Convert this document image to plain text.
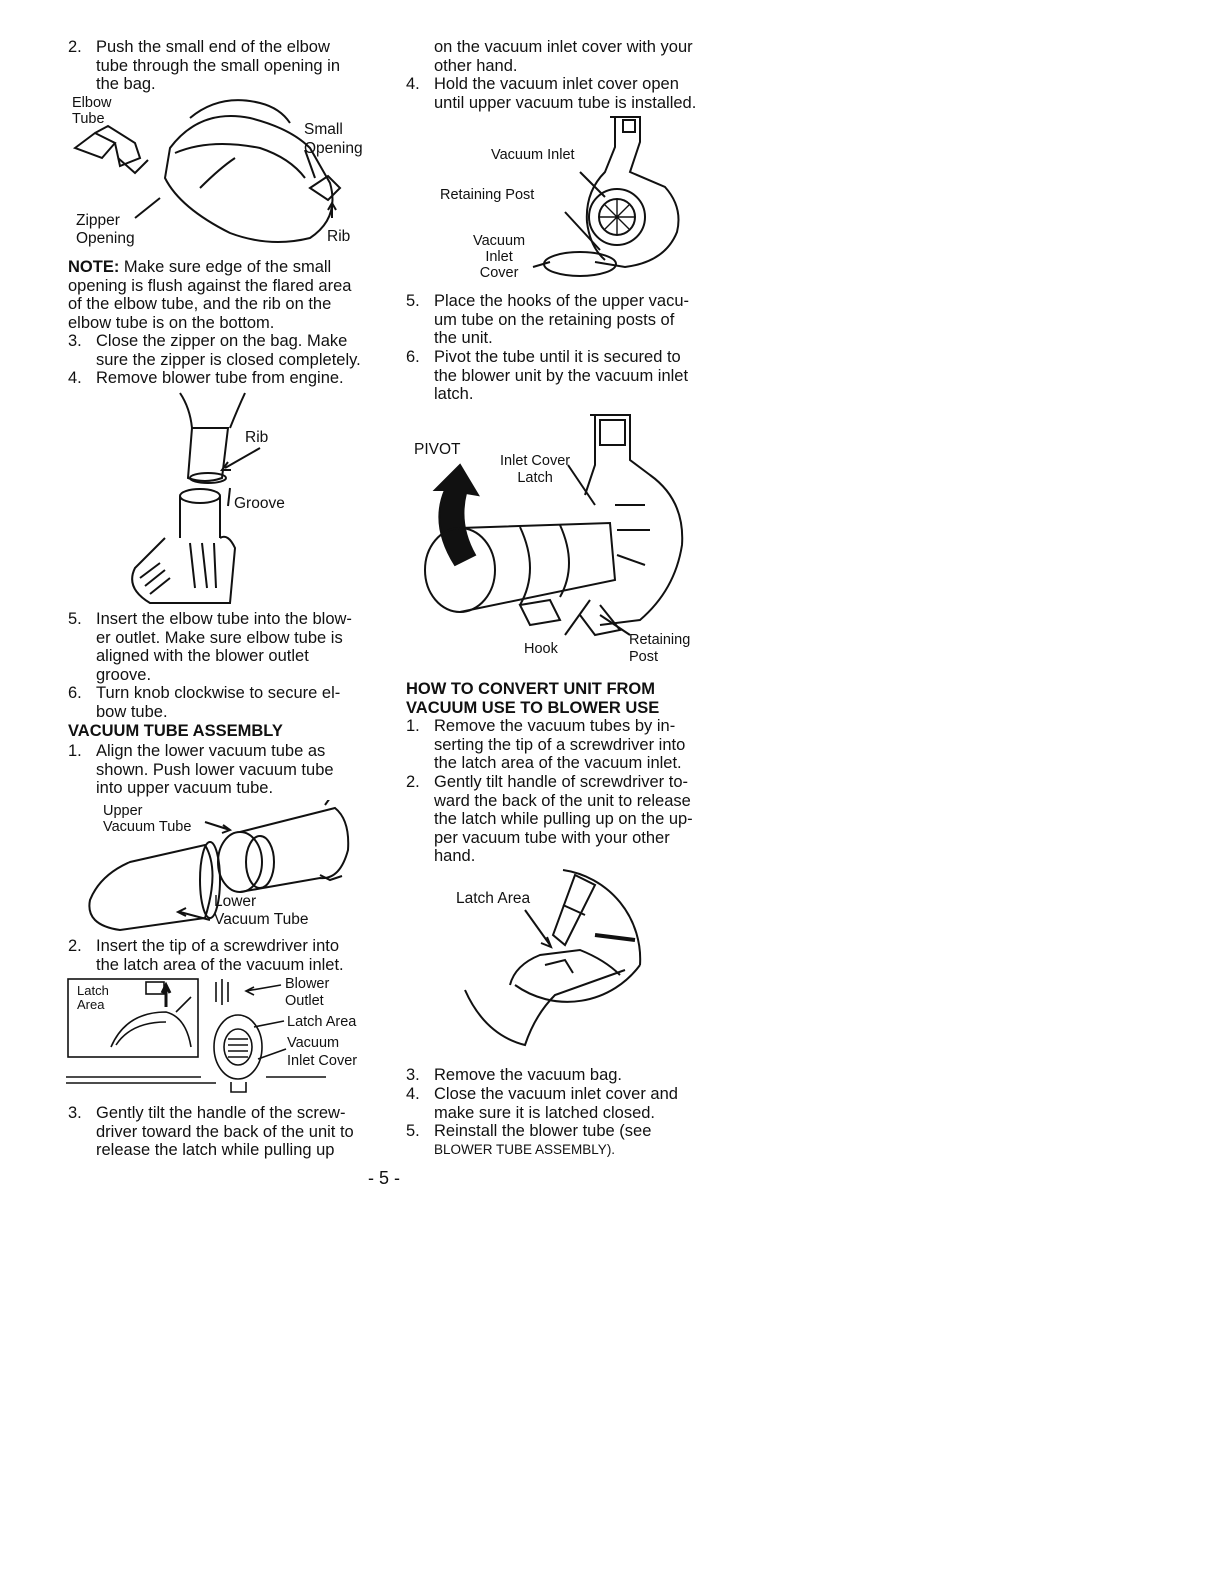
2. Push the small end of the elbow
tube through the small opening in
the bag.
Elbow
Tube
Small
Opening
Zipper
Opening	Rib
NOTE: Make sure edge of the small
opening is flush against the flared area
of the elbow tube, and the rib on the
elbow tube is on the bottom.
3. Close the zipper on the bag. Make
sure the zipper is closed completely.
4. Remove blower tube from engine.
Rib
Groove
5. Insert the elbow tube into the blow-
er outlet. Make sure elbow tube is
aligned with the blower outlet
groove.
6. Turn knob clockwise to secure el-
bow tube.
VACUUM TUBE ASSEMBLY
1. Align the lower vacuum tube as
shown. Push lower vacuum tube
into upper vacuum tube.
Upper
Vacuum Tube
Lower
Vacuum Tube
2. Insert the tip of a screwdriver into
the latch area of the vacuum inlet.
Latch
Area
Blower
Outlet
Latch Area
Vacuum
Inlet Cover
3. Gently tilt the handle of the screw-
driver toward the back of the unit to
release the latch while pulling up
on the vacuum inlet cover with your
other hand.
4. Hold the vacuum inlet cover open
until upper vacuum tube is installed.
Vacuum Inlet
Retaining Post
Vacuum
Inlet
Cover
5. Place the hooks of the upper vacu-
um tube on the retaining posts of
the unit.
6. Pivot the tube until it is secured to
the blower unit by the vacuum inlet
latch.
PIVOT
Inlet Cover
Latch
Hook
Retaining
Post
HOW TO CONVERT UNIT FROM
VACUUM USE TO BLOWER USE
1. Remove the vacuum tubes by in-
serting the tip of a screwdriver into
the latch area of the vacuum inlet.
2. Gently tilt handle of screwdriver to-
ward the back of the unit to release
the latch while pulling up on the up-
per vacuum tube with your other
hand.
Latch Area
3. Remove the vacuum bag.
4. Close the vacuum inlet cover and
make sure it is latched closed.
5. Reinstall the blower tube (see
BLOWER TUBE ASSEMBLY).
- 5 -
